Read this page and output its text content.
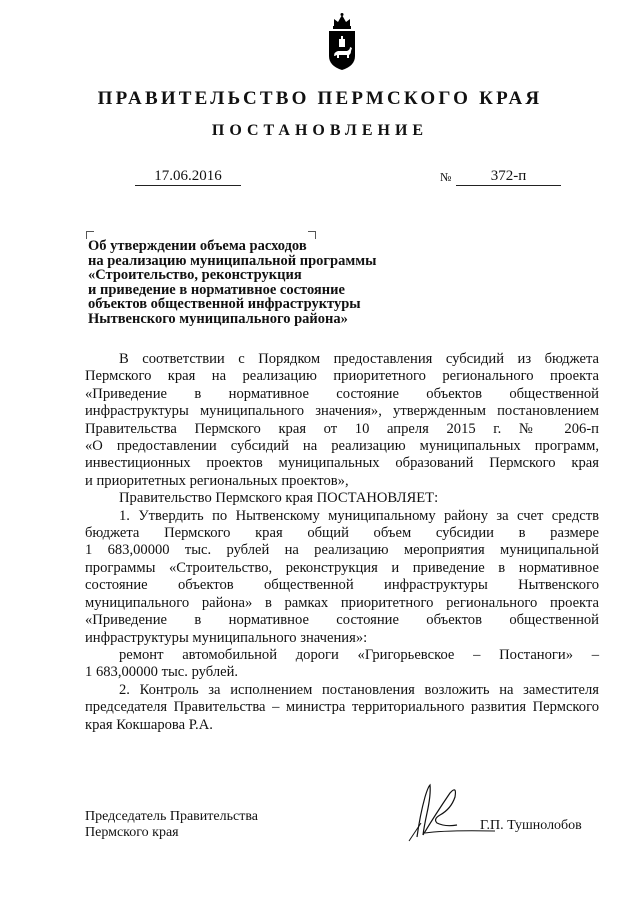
ПРАВИТЕЛЬСТВО ПЕРМСКОГО КРАЯ
ПОСТАНОВЛЕНИЕ
17.06.2016	№	372-п
Об утверждении объема расходов
на реализацию муниципальной программы
«Строительство, реконструкция
и приведение в нормативное состояние
объектов общественной инфраструктуры
Нытвенского муниципального района»

В соответствии с Порядком предоставления субсидий из бюджета

Пермского края на реализацию приоритетного регионального проекта

«Приведение в нормативное состояние объектов общественной

инфраструктуры муниципального значения», утвержденным постановлением

Правительства Пермского края от 10 апреля 2015 г. № 206-п

«О предоставлении субсидий на реализацию муниципальных программ,

инвестиционных проектов муниципальных образований Пермского края

и приоритетных региональных проектов»,

Правительство Пермского края ПОСТАНОВЛЯЕТ:

1. Утвердить по Нытвенскому муниципальному району за счет средств

бюджета Пермского края общий объем субсидии в размере

1 683,00000 тыс. рублей на реализацию мероприятия муниципальной

программы «Строительство, реконструкция и приведение в нормативное

состояние объектов общественной инфраструктуры Нытвенского

муниципального района» в рамках приоритетного регионального проекта

«Приведение в нормативное состояние объектов общественной

инфраструктуры муниципального значения»:

ремонт автомобильной дороги «Григорьевское – Постаноги» –

1 683,00000 тыс. рублей.

2. Контроль за исполнением постановления возложить на заместителя

председателя Правительства – министра территориального развития Пермского

края Кокшарова Р.А.

Председатель Правительства
Пермского края	Г.П. Тушнолобов
